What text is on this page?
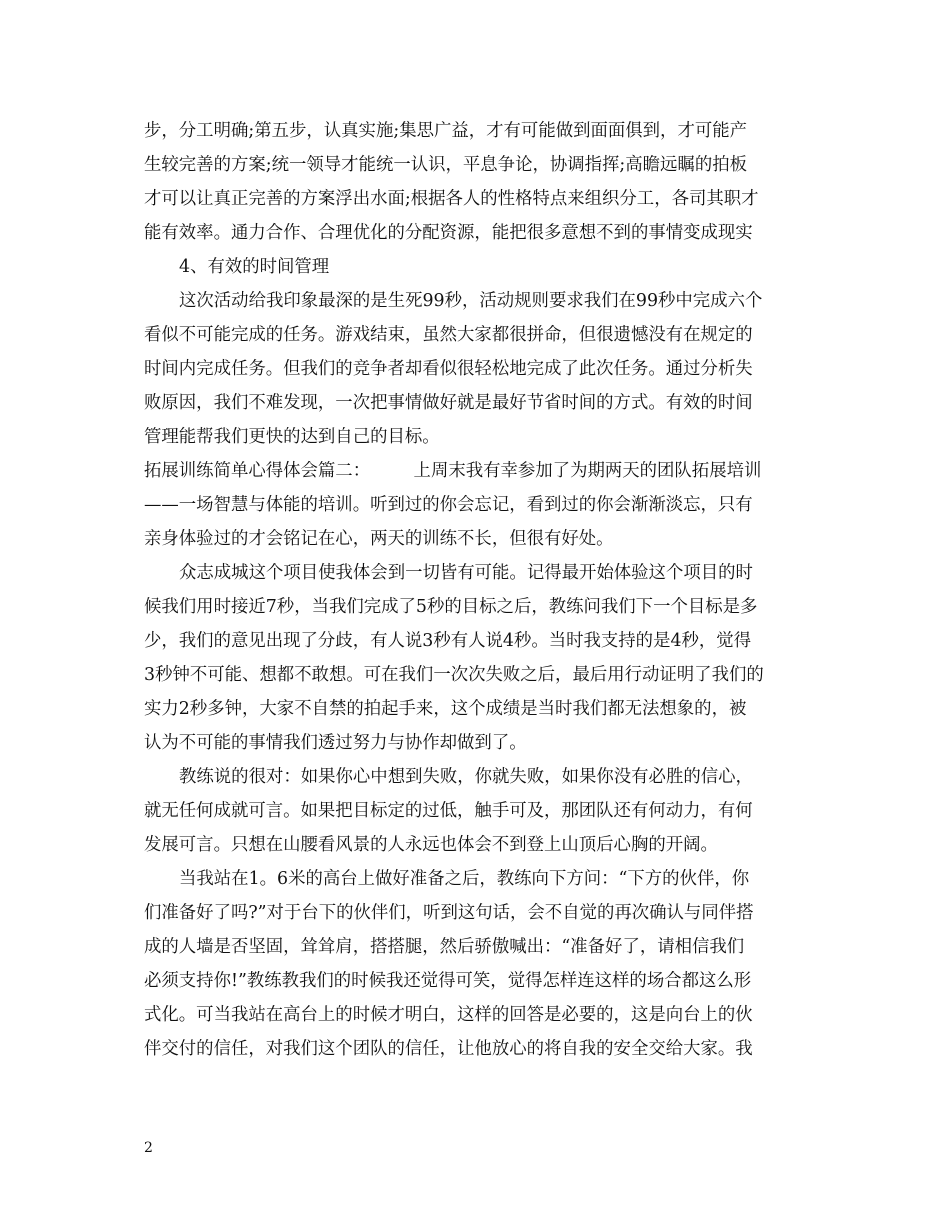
步，分工明确;第五步，认真实施;集思广益，才有可能做到面面俱到，才可能产
生较完善的方案;统一领导才能统一认识，平息争论，协调指挥;高瞻远瞩的拍板
才可以让真正完善的方案浮出水面;根据各人的性格特点来组织分工，各司其职才
能有效率。通力合作、合理优化的分配资源，能把很多意想不到的事情变成现实
4、有效的时间管理
这次活动给我印象最深的是生死99秒，活动规则要求我们在99秒中完成六个
看似不可能完成的任务。游戏结束，虽然大家都很拼命，但很遗憾没有在规定的
时间内完成任务。但我们的竞争者却看似很轻松地完成了此次任务。通过分析失
败原因，我们不难发现，一次把事情做好就是最好节省时间的方式。有效的时间
管理能帮我们更快的达到自己的目标。
拓展训练简单心得体会篇二：　　　上周末我有幸参加了为期两天的团队拓展培训
——一场智慧与体能的培训。听到过的你会忘记，看到过的你会渐渐淡忘，只有
亲身体验过的才会铭记在心，两天的训练不长，但很有好处。
众志成城这个项目使我体会到一切皆有可能。记得最开始体验这个项目的时
候我们用时接近7秒，当我们完成了5秒的目标之后，教练问我们下一个目标是多
少，我们的意见出现了分歧，有人说3秒有人说4秒。当时我支持的是4秒，觉得
3秒钟不可能、想都不敢想。可在我们一次次失败之后，最后用行动证明了我们的
实力2秒多钟，大家不自禁的拍起手来，这个成绩是当时我们都无法想象的，被
认为不可能的事情我们透过努力与协作却做到了。
教练说的很对：如果你心中想到失败，你就失败，如果你没有必胜的信心，
就无任何成就可言。如果把目标定的过低，触手可及，那团队还有何动力，有何
发展可言。只想在山腰看风景的人永远也体会不到登上山顶后心胸的开阔。
当我站在1。6米的高台上做好准备之后，教练向下方问：“下方的伙伴，你
们准备好了吗?”对于台下的伙伴们，听到这句话，会不自觉的再次确认与同伴搭
成的人墙是否坚固，耸耸肩，搭搭腿，然后骄傲喊出：“准备好了，请相信我们
必须支持你!”教练教我们的时候我还觉得可笑，觉得怎样连这样的场合都这么形
式化。可当我站在高台上的时候才明白，这样的回答是必要的，这是向台上的伙
伴交付的信任，对我们这个团队的信任，让他放心的将自我的安全交给大家。我
2
